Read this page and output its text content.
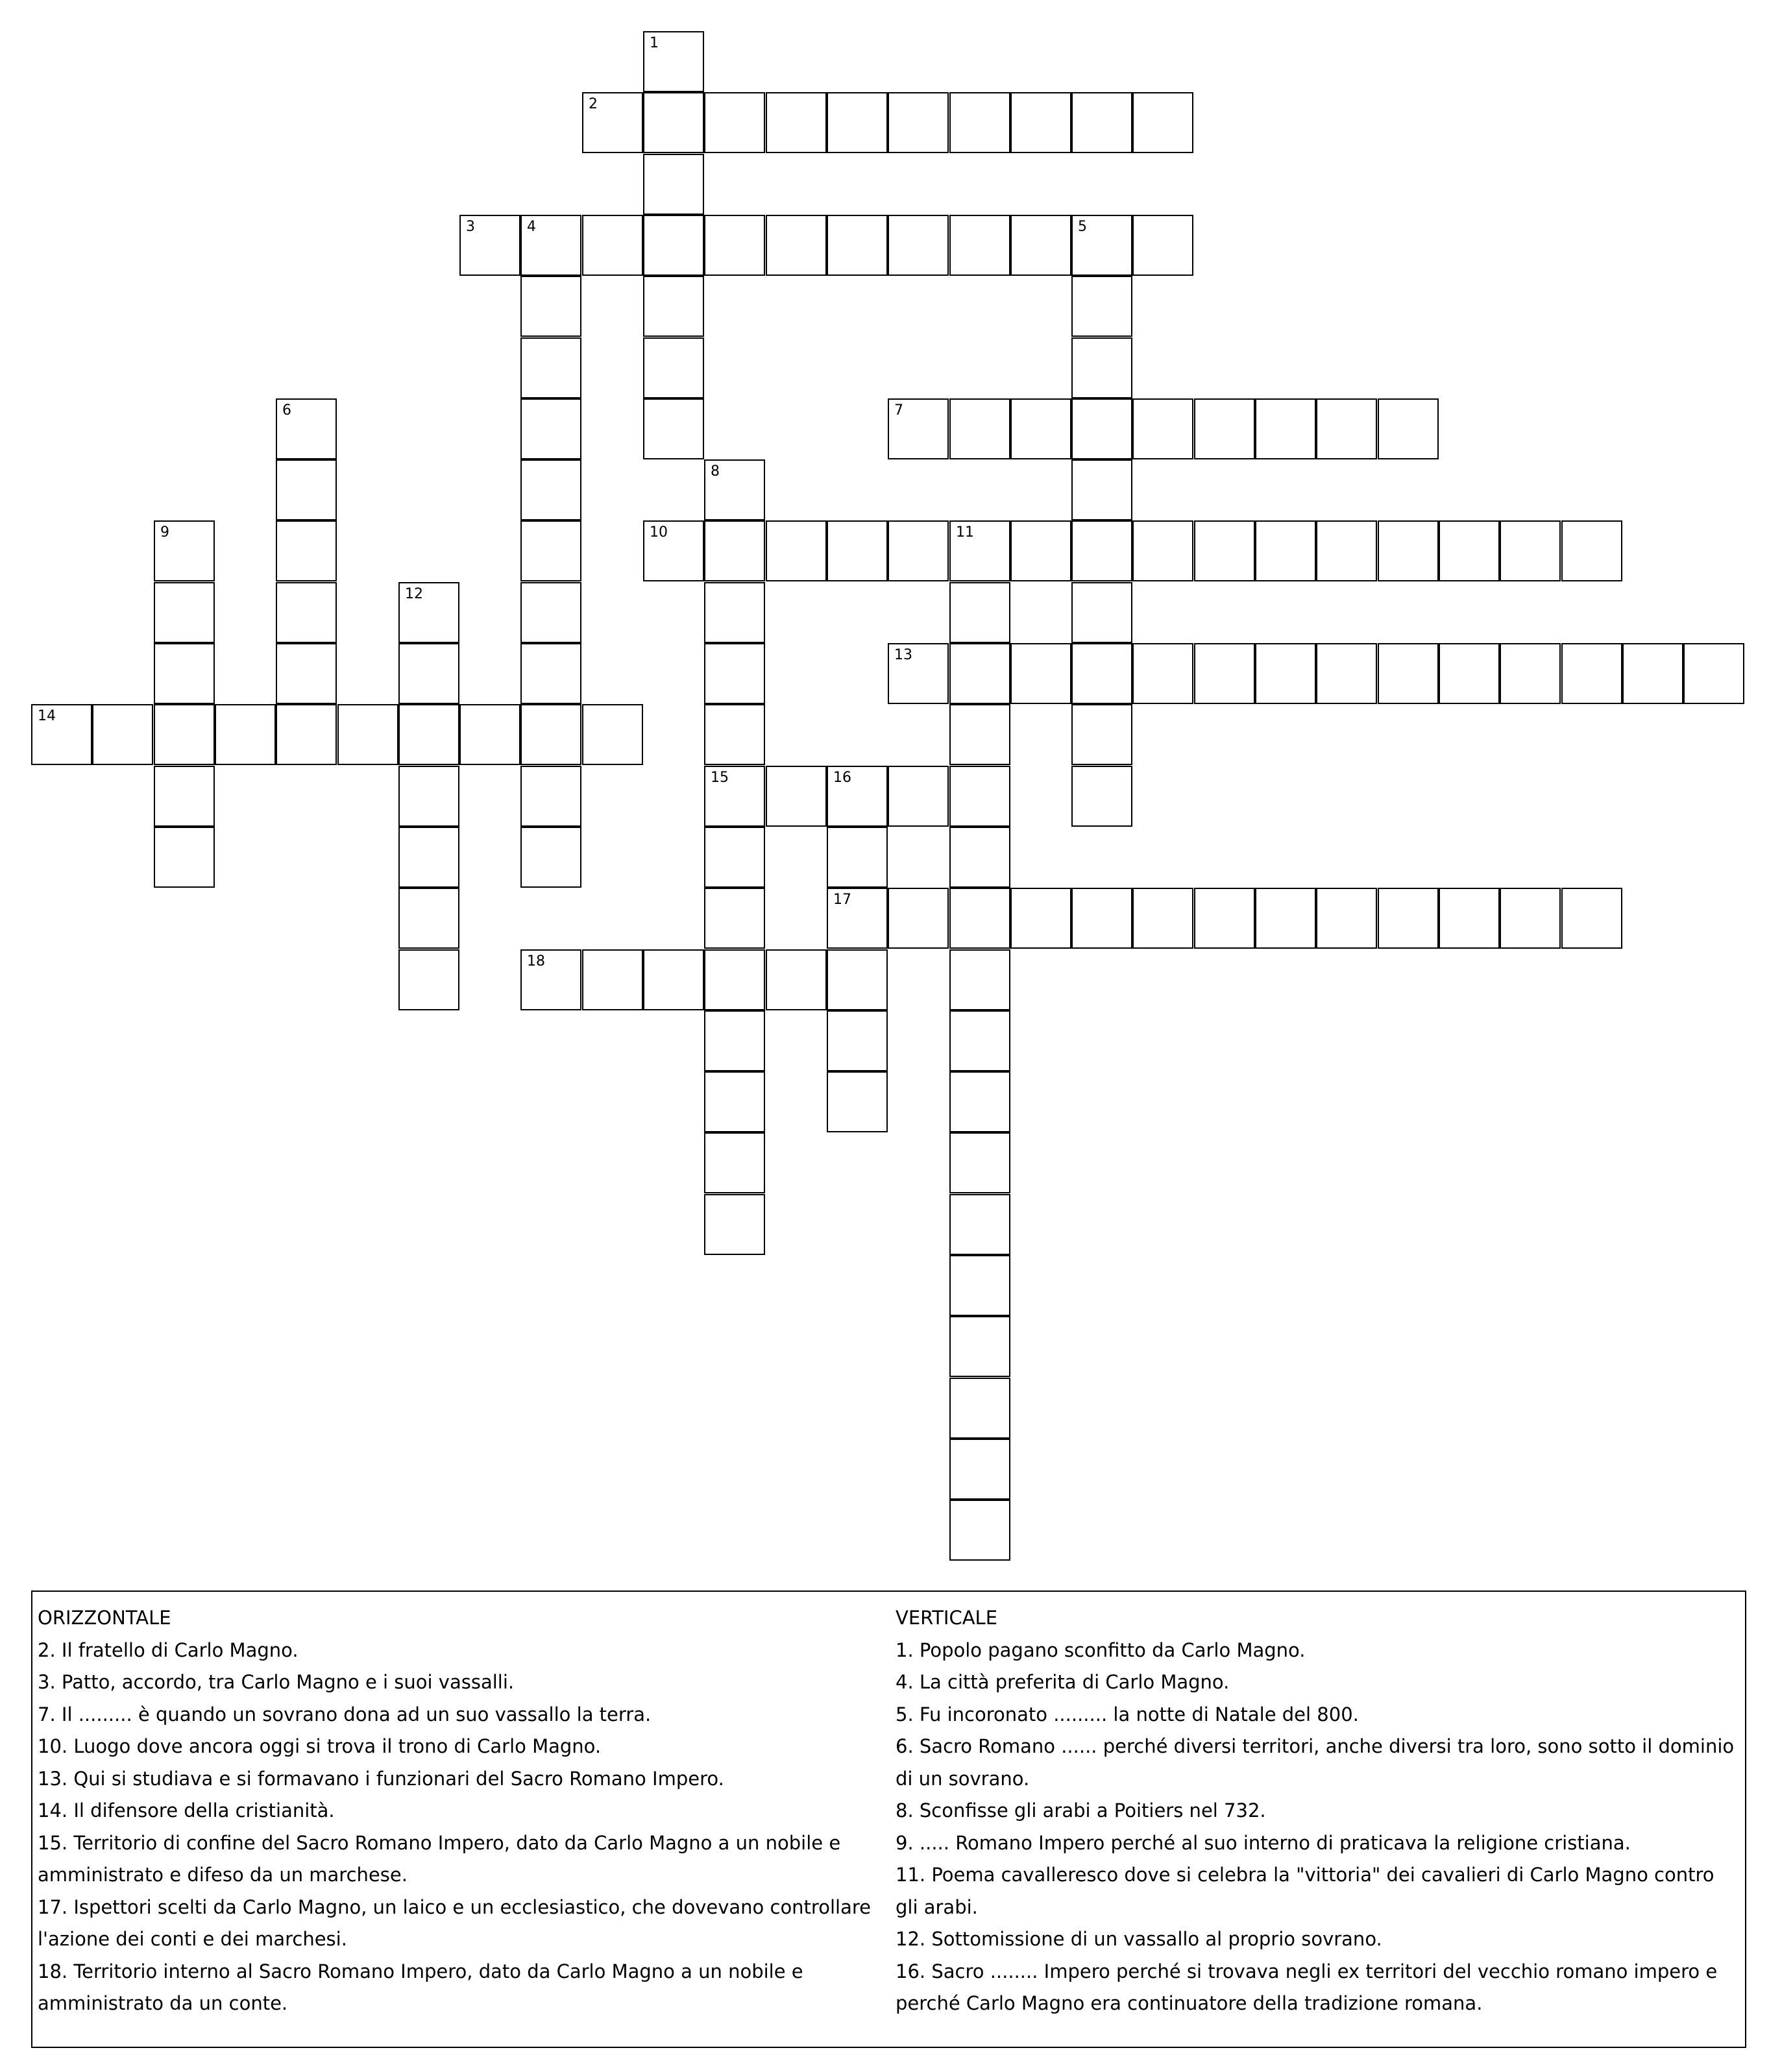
1
2
3	4	5
6	7
8
15
9	10	11
12
13
14
16
17
18
ORIZZONTALE
2. Il fratello di Carlo Magno.
3. Patto, accordo, tra Carlo Magno e i suoi vassalli.
7. Il ......... è quando un sovrano dona ad un suo vassallo la terra.
10. Luogo dove ancora oggi si trova il trono di Carlo Magno.
13. Qui si studiava e si formavano i funzionari del Sacro Romano Impero.
14. Il difensore della cristianità.
15. Territorio di confine del Sacro Romano Impero, dato da Carlo Magno a un nobile e amministrato e difeso da un marchese.
17. Ispettori scelti da Carlo Magno, un laico e un ecclesiastico, che dovevano controllare l'azione dei conti e dei marchesi.
18. Territorio interno al Sacro Romano Impero, dato da Carlo Magno a un nobile e amministrato da un conte.
VERTICALE
1. Popolo pagano sconfitto da Carlo Magno.
4. La città preferita di Carlo Magno.
5. Fu incoronato ......... la notte di Natale del 800.
6. Sacro Romano ...... perché diversi territori, anche diversi tra loro, sono sotto il dominio di un sovrano.
8. Sconfisse gli arabi a Poitiers nel 732.
9. ..... Romano Impero perché al suo interno di praticava la religione cristiana.
11. Poema cavalleresco dove si celebra la "vittoria" dei cavalieri di Carlo Magno contro gli arabi.
12. Sottomissione di un vassallo al proprio sovrano.
16. Sacro ........ Impero perché si trovava negli ex territori del vecchio romano impero e perché Carlo Magno era continuatore della tradizione romana.
